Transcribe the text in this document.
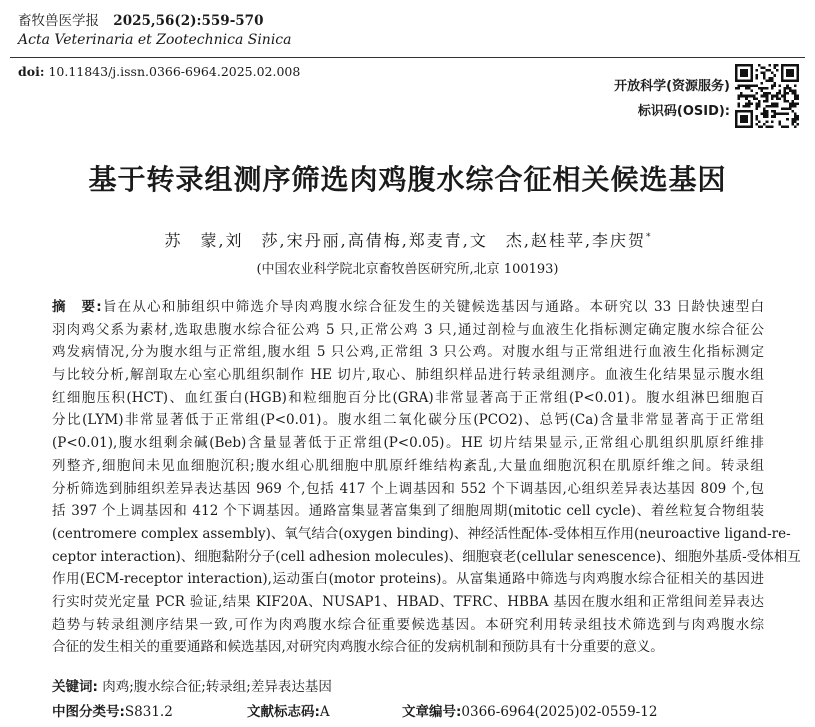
畜牧兽医学报 2025,56(2):559-570
Acta Veterinaria et Zootechnica Sinica
doi: 10.11843/j.issn.0366-6964.2025.02.008
开放科学(资源服务)
标识码(OSID):
基于转录组测序筛选肉鸡腹水综合征相关候选基因
苏　蒙,刘　莎,宋丹丽,高倩梅,郑麦青,文　杰,赵桂苹,李庆贺*
(中国农业科学院北京畜牧兽医研究所,北京 100193)
摘　要:旨在从心和肺组织中筛选介导肉鸡腹水综合征发生的关键候选基因与通路。本研究以 33 日龄快速型白
羽肉鸡父系为素材,选取患腹水综合征公鸡 5 只,正常公鸡 3 只,通过剖检与血液生化指标测定确定腹水综合征公
鸡发病情况,分为腹水组与正常组,腹水组 5 只公鸡,正常组 3 只公鸡。对腹水组与正常组进行血液生化指标测定
与比较分析,解剖取左心室心肌组织制作 HE 切片,取心、肺组织样品进行转录组测序。血液生化结果显示腹水组
红细胞压积(HCT)、血红蛋白(HGB)和粒细胞百分比(GRA)非常显著高于正常组(P<0.01)。腹水组淋巴细胞百
分比(LYM)非常显著低于正常组(P<0.01)。腹水组二氧化碳分压(PCO2)、总钙(Ca)含量非常显著高于正常组
(P<0.01),腹水组剩余碱(Beb)含量显著低于正常组(P<0.05)。HE 切片结果显示,正常组心肌组织肌原纤维排
列整齐,细胞间未见血细胞沉积;腹水组心肌细胞中肌原纤维结构紊乱,大量血细胞沉积在肌原纤维之间。转录组
分析筛选到肺组织差异表达基因 969 个,包括 417 个上调基因和 552 个下调基因,心组织差异表达基因 809 个,包
括 397 个上调基因和 412 个下调基因。通路富集显著富集到了细胞周期(mitotic cell cycle)、着丝粒复合物组装
(centromere complex assembly)、氧气结合(oxygen binding)、神经活性配体-受体相互作用(neuroactive ligand-re-
ceptor interaction)、细胞黏附分子(cell adhesion molecules)、细胞衰老(cellular senescence)、细胞外基质-受体相互
作用(ECM-receptor interaction),运动蛋白(motor proteins)。从富集通路中筛选与肉鸡腹水综合征相关的基因进
行实时荧光定量 PCR 验证,结果 KIF20A、NUSAP1、HBAD、TFRC、HBBA 基因在腹水组和正常组间差异表达
趋势与转录组测序结果一致,可作为肉鸡腹水综合征重要候选基因。本研究利用转录组技术筛选到与肉鸡腹水综
合征的发生相关的重要通路和候选基因,对研究肉鸡腹水综合征的发病机制和预防具有十分重要的意义。
关键词: 肉鸡;腹水综合征;转录组;差异表达基因
中图分类号:S831.2	文献标志码:A	文章编号:0366-6964(2025)02-0559-12
